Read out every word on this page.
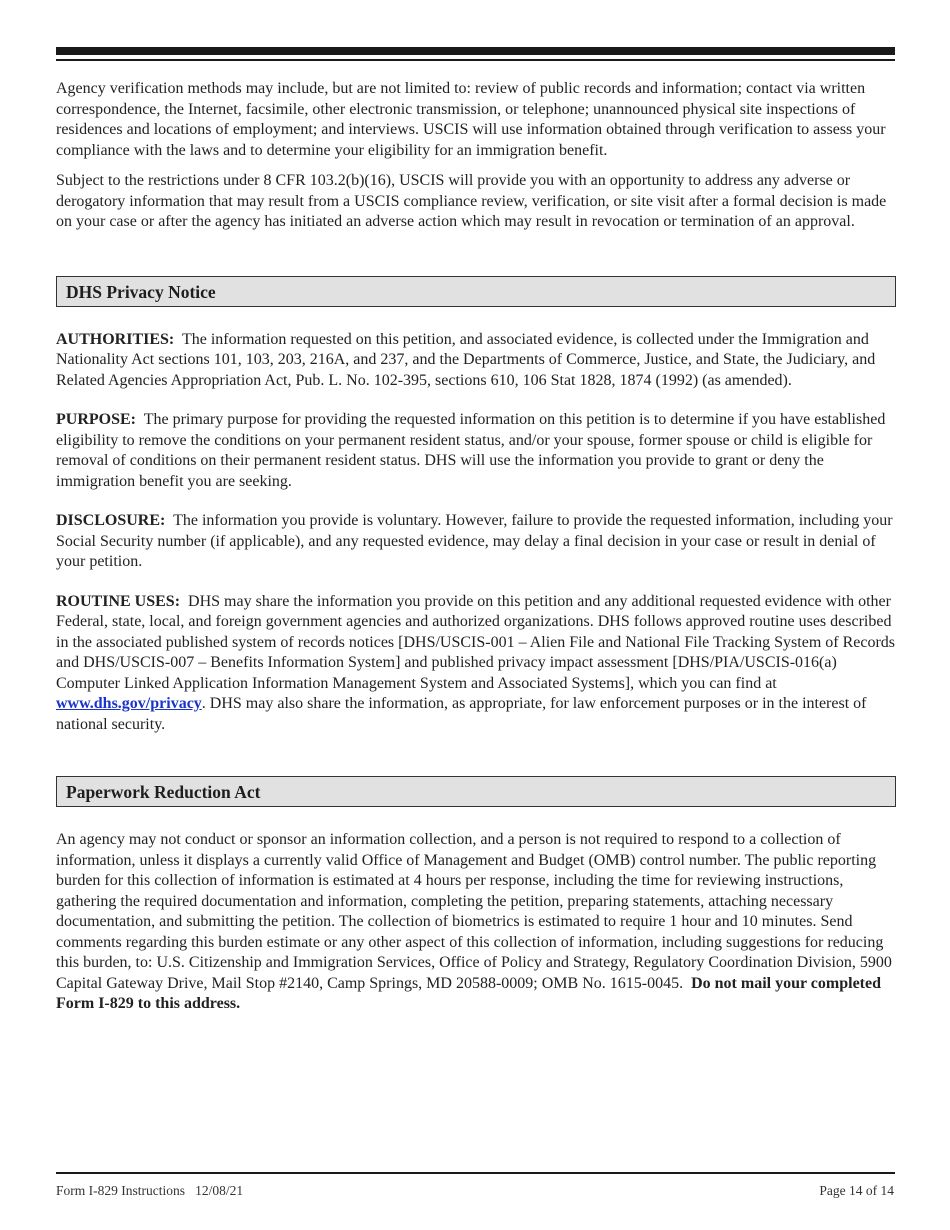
Agency verification methods may include, but are not limited to: review of public records and information; contact via written correspondence, the Internet, facsimile, other electronic transmission, or telephone; unannounced physical site inspections of residences and locations of employment; and interviews. USCIS will use information obtained through verification to assess your compliance with the laws and to determine your eligibility for an immigration benefit.

Subject to the restrictions under 8 CFR 103.2(b)(16), USCIS will provide you with an opportunity to address any adverse or derogatory information that may result from a USCIS compliance review, verification, or site visit after a formal decision is made on your case or after the agency has initiated an adverse action which may result in revocation or termination of an approval.

DHS Privacy Notice

AUTHORITIES: The information requested on this petition, and associated evidence, is collected under the Immigration and Nationality Act sections 101, 103, 203, 216A, and 237, and the Departments of Commerce, Justice, and State, the Judiciary, and Related Agencies Appropriation Act, Pub. L. No. 102-395, sections 610, 106 Stat 1828, 1874 (1992) (as amended).

PURPOSE: The primary purpose for providing the requested information on this petition is to determine if you have established eligibility to remove the conditions on your permanent resident status, and/or your spouse, former spouse or child is eligible for removal of conditions on their permanent resident status. DHS will use the information you provide to grant or deny the immigration benefit you are seeking.

DISCLOSURE: The information you provide is voluntary. However, failure to provide the requested information, including your Social Security number (if applicable), and any requested evidence, may delay a final decision in your case or result in denial of your petition.

ROUTINE USES: DHS may share the information you provide on this petition and any additional requested evidence with other Federal, state, local, and foreign government agencies and authorized organizations. DHS follows approved routine uses described in the associated published system of records notices [DHS/USCIS-001 – Alien File and National File Tracking System of Records and DHS/USCIS-007 – Benefits Information System] and published privacy impact assessment [DHS/PIA/USCIS-016(a) Computer Linked Application Information Management System and Associated Systems], which you can find at www.dhs.gov/privacy. DHS may also share the information, as appropriate, for law enforcement purposes or in the interest of national security.

Paperwork Reduction Act

An agency may not conduct or sponsor an information collection, and a person is not required to respond to a collection of information, unless it displays a currently valid Office of Management and Budget (OMB) control number. The public reporting burden for this collection of information is estimated at 4 hours per response, including the time for reviewing instructions, gathering the required documentation and information, completing the petition, preparing statements, attaching necessary documentation, and submitting the petition. The collection of biometrics is estimated to require 1 hour and 10 minutes. Send comments regarding this burden estimate or any other aspect of this collection of information, including suggestions for reducing this burden, to: U.S. Citizenship and Immigration Services, Office of Policy and Strategy, Regulatory Coordination Division, 5900 Capital Gateway Drive, Mail Stop #2140, Camp Springs, MD 20588-0009; OMB No. 1615-0045. Do not mail your completed Form I-829 to this address.

Form I-829 Instructions   12/08/21	Page 14 of 14
